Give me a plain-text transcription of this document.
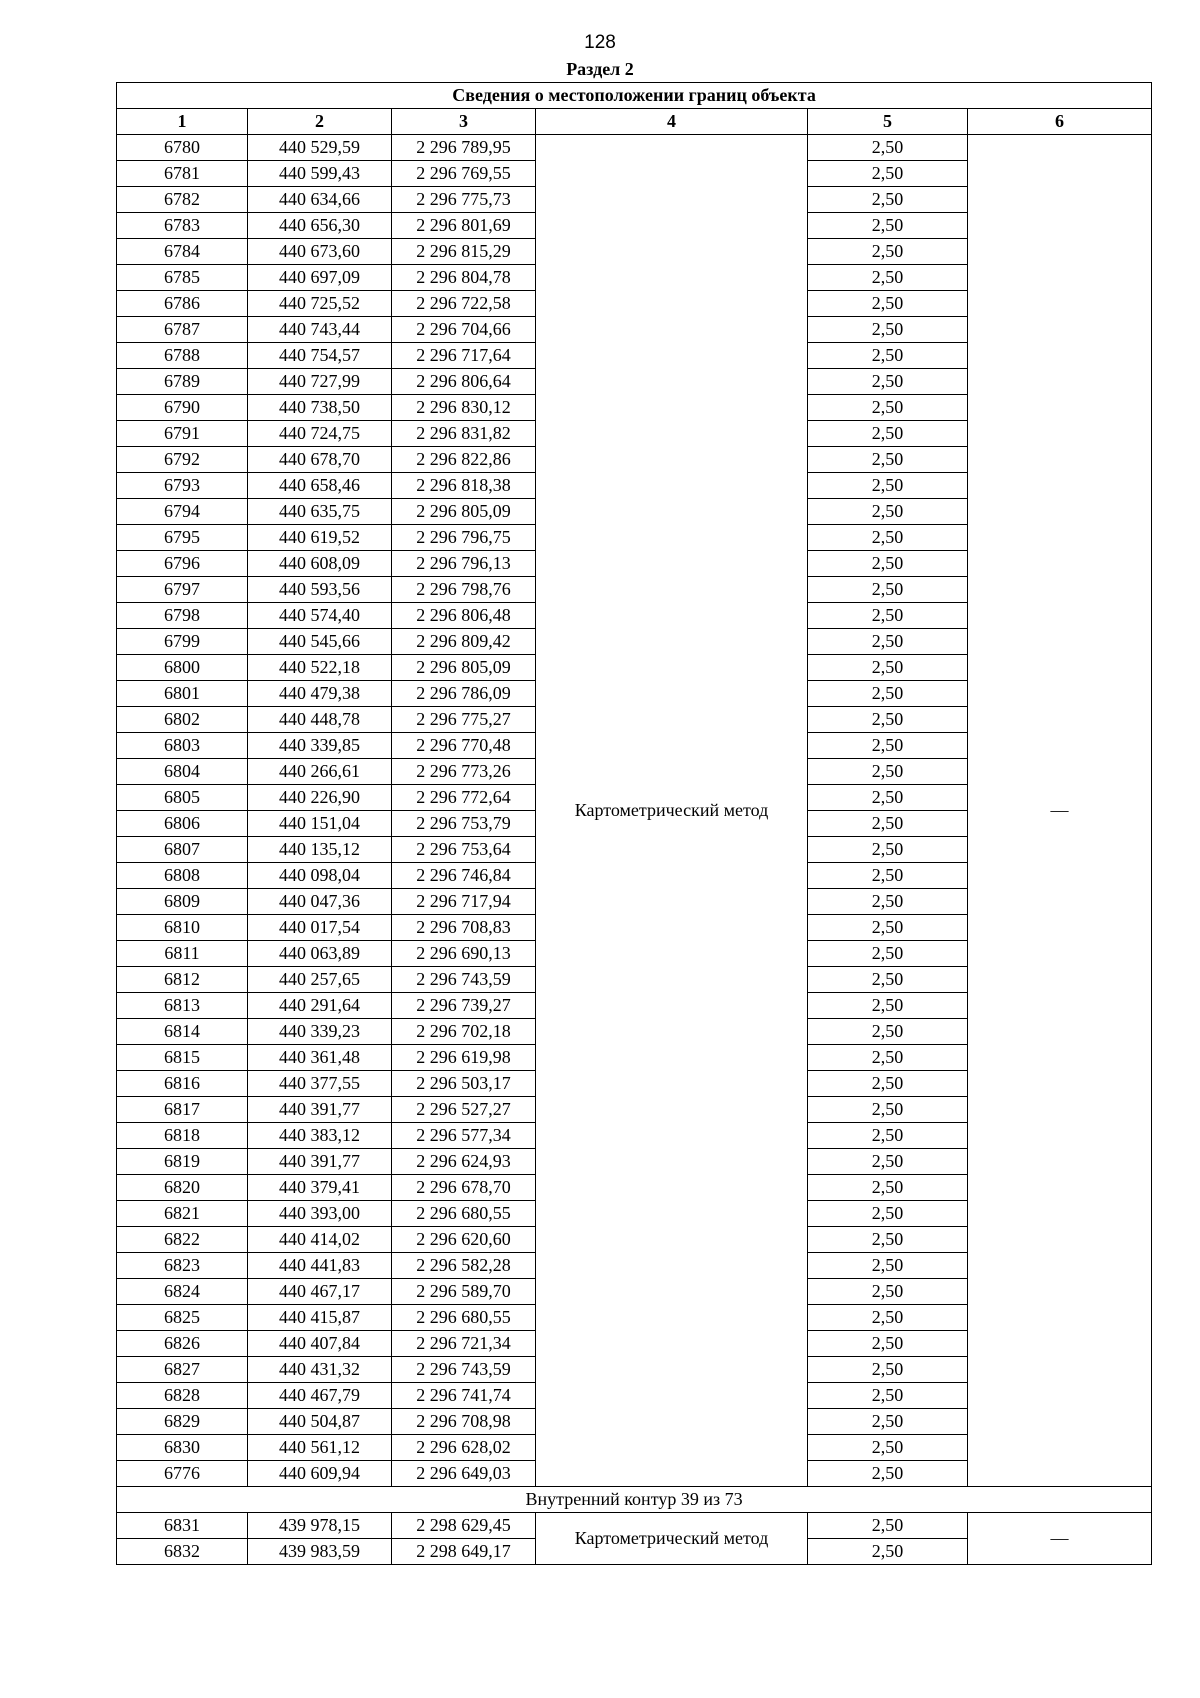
128
Раздел 2
Сведения о местоположении границ объекта					
1	2	3	4	5	6
6780	440 529,59	2 296 789,95	Картометрический метод	2,50	—
6781	440 599,43	2 296 769,55		2,50	
6782	440 634,66	2 296 775,73		2,50	
6783	440 656,30	2 296 801,69		2,50	
6784	440 673,60	2 296 815,29		2,50	
6785	440 697,09	2 296 804,78		2,50	
6786	440 725,52	2 296 722,58		2,50	
6787	440 743,44	2 296 704,66		2,50	
6788	440 754,57	2 296 717,64		2,50	
6789	440 727,99	2 296 806,64		2,50	
6790	440 738,50	2 296 830,12		2,50	
6791	440 724,75	2 296 831,82		2,50	
6792	440 678,70	2 296 822,86		2,50	
6793	440 658,46	2 296 818,38		2,50	
6794	440 635,75	2 296 805,09		2,50	
6795	440 619,52	2 296 796,75		2,50	
6796	440 608,09	2 296 796,13		2,50	
6797	440 593,56	2 296 798,76		2,50	
6798	440 574,40	2 296 806,48		2,50	
6799	440 545,66	2 296 809,42		2,50	
6800	440 522,18	2 296 805,09		2,50	
6801	440 479,38	2 296 786,09		2,50	
6802	440 448,78	2 296 775,27		2,50	
6803	440 339,85	2 296 770,48		2,50	
6804	440 266,61	2 296 773,26		2,50	
6805	440 226,90	2 296 772,64		2,50	
6806	440 151,04	2 296 753,79		2,50	
6807	440 135,12	2 296 753,64		2,50	
6808	440 098,04	2 296 746,84		2,50	
6809	440 047,36	2 296 717,94		2,50	
6810	440 017,54	2 296 708,83		2,50	
6811	440 063,89	2 296 690,13		2,50	
6812	440 257,65	2 296 743,59		2,50	
6813	440 291,64	2 296 739,27		2,50	
6814	440 339,23	2 296 702,18		2,50	
6815	440 361,48	2 296 619,98		2,50	
6816	440 377,55	2 296 503,17		2,50	
6817	440 391,77	2 296 527,27		2,50	
6818	440 383,12	2 296 577,34		2,50	
6819	440 391,77	2 296 624,93		2,50	
6820	440 379,41	2 296 678,70		2,50	
6821	440 393,00	2 296 680,55		2,50	
6822	440 414,02	2 296 620,60		2,50	
6823	440 441,83	2 296 582,28		2,50	
6824	440 467,17	2 296 589,70		2,50	
6825	440 415,87	2 296 680,55		2,50	
6826	440 407,84	2 296 721,34		2,50	
6827	440 431,32	2 296 743,59		2,50	
6828	440 467,79	2 296 741,74		2,50	
6829	440 504,87	2 296 708,98		2,50	
6830	440 561,12	2 296 628,02		2,50	
6776	440 609,94	2 296 649,03		2,50	
Внутренний контур 39 из 73					
6831	439 978,15	2 298 629,45	Картометрический метод	2,50	—
6832	439 983,59	2 298 649,17		2,50	
